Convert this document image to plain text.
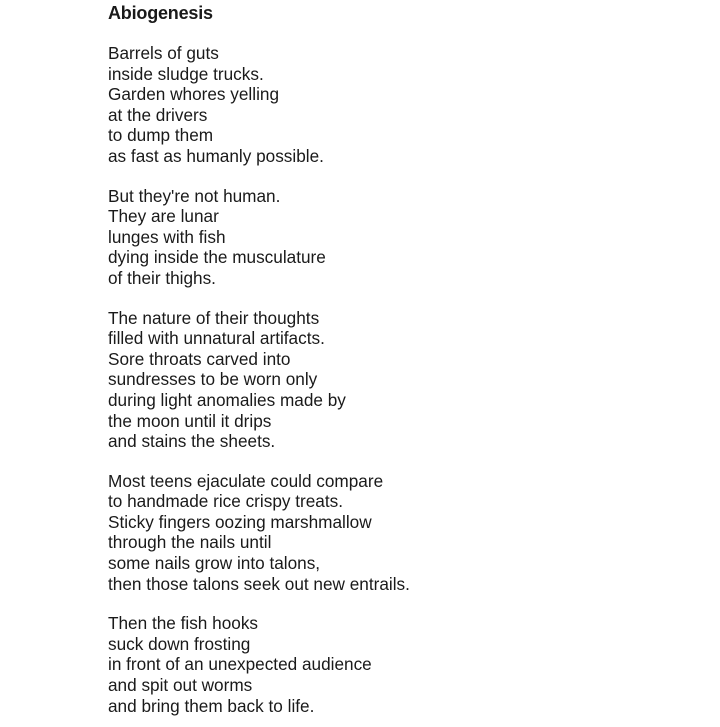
Abiogenesis
Barrels of guts
inside sludge trucks.
Garden whores yelling
at the drivers
to dump them
as fast as humanly possible.
But they're not human.
They are lunar
lunges with fish
dying inside the musculature
of their thighs.
The nature of their thoughts
filled with unnatural artifacts.
Sore throats carved into
sundresses to be worn only
during light anomalies made by
the moon until it drips
and stains the sheets.
Most teens ejaculate could compare
to handmade rice crispy treats.
Sticky fingers oozing marshmallow
through the nails until
some nails grow into talons,
then those talons seek out new entrails.
Then the fish hooks
suck down frosting
in front of an unexpected audience
and spit out worms
and bring them back to life.
